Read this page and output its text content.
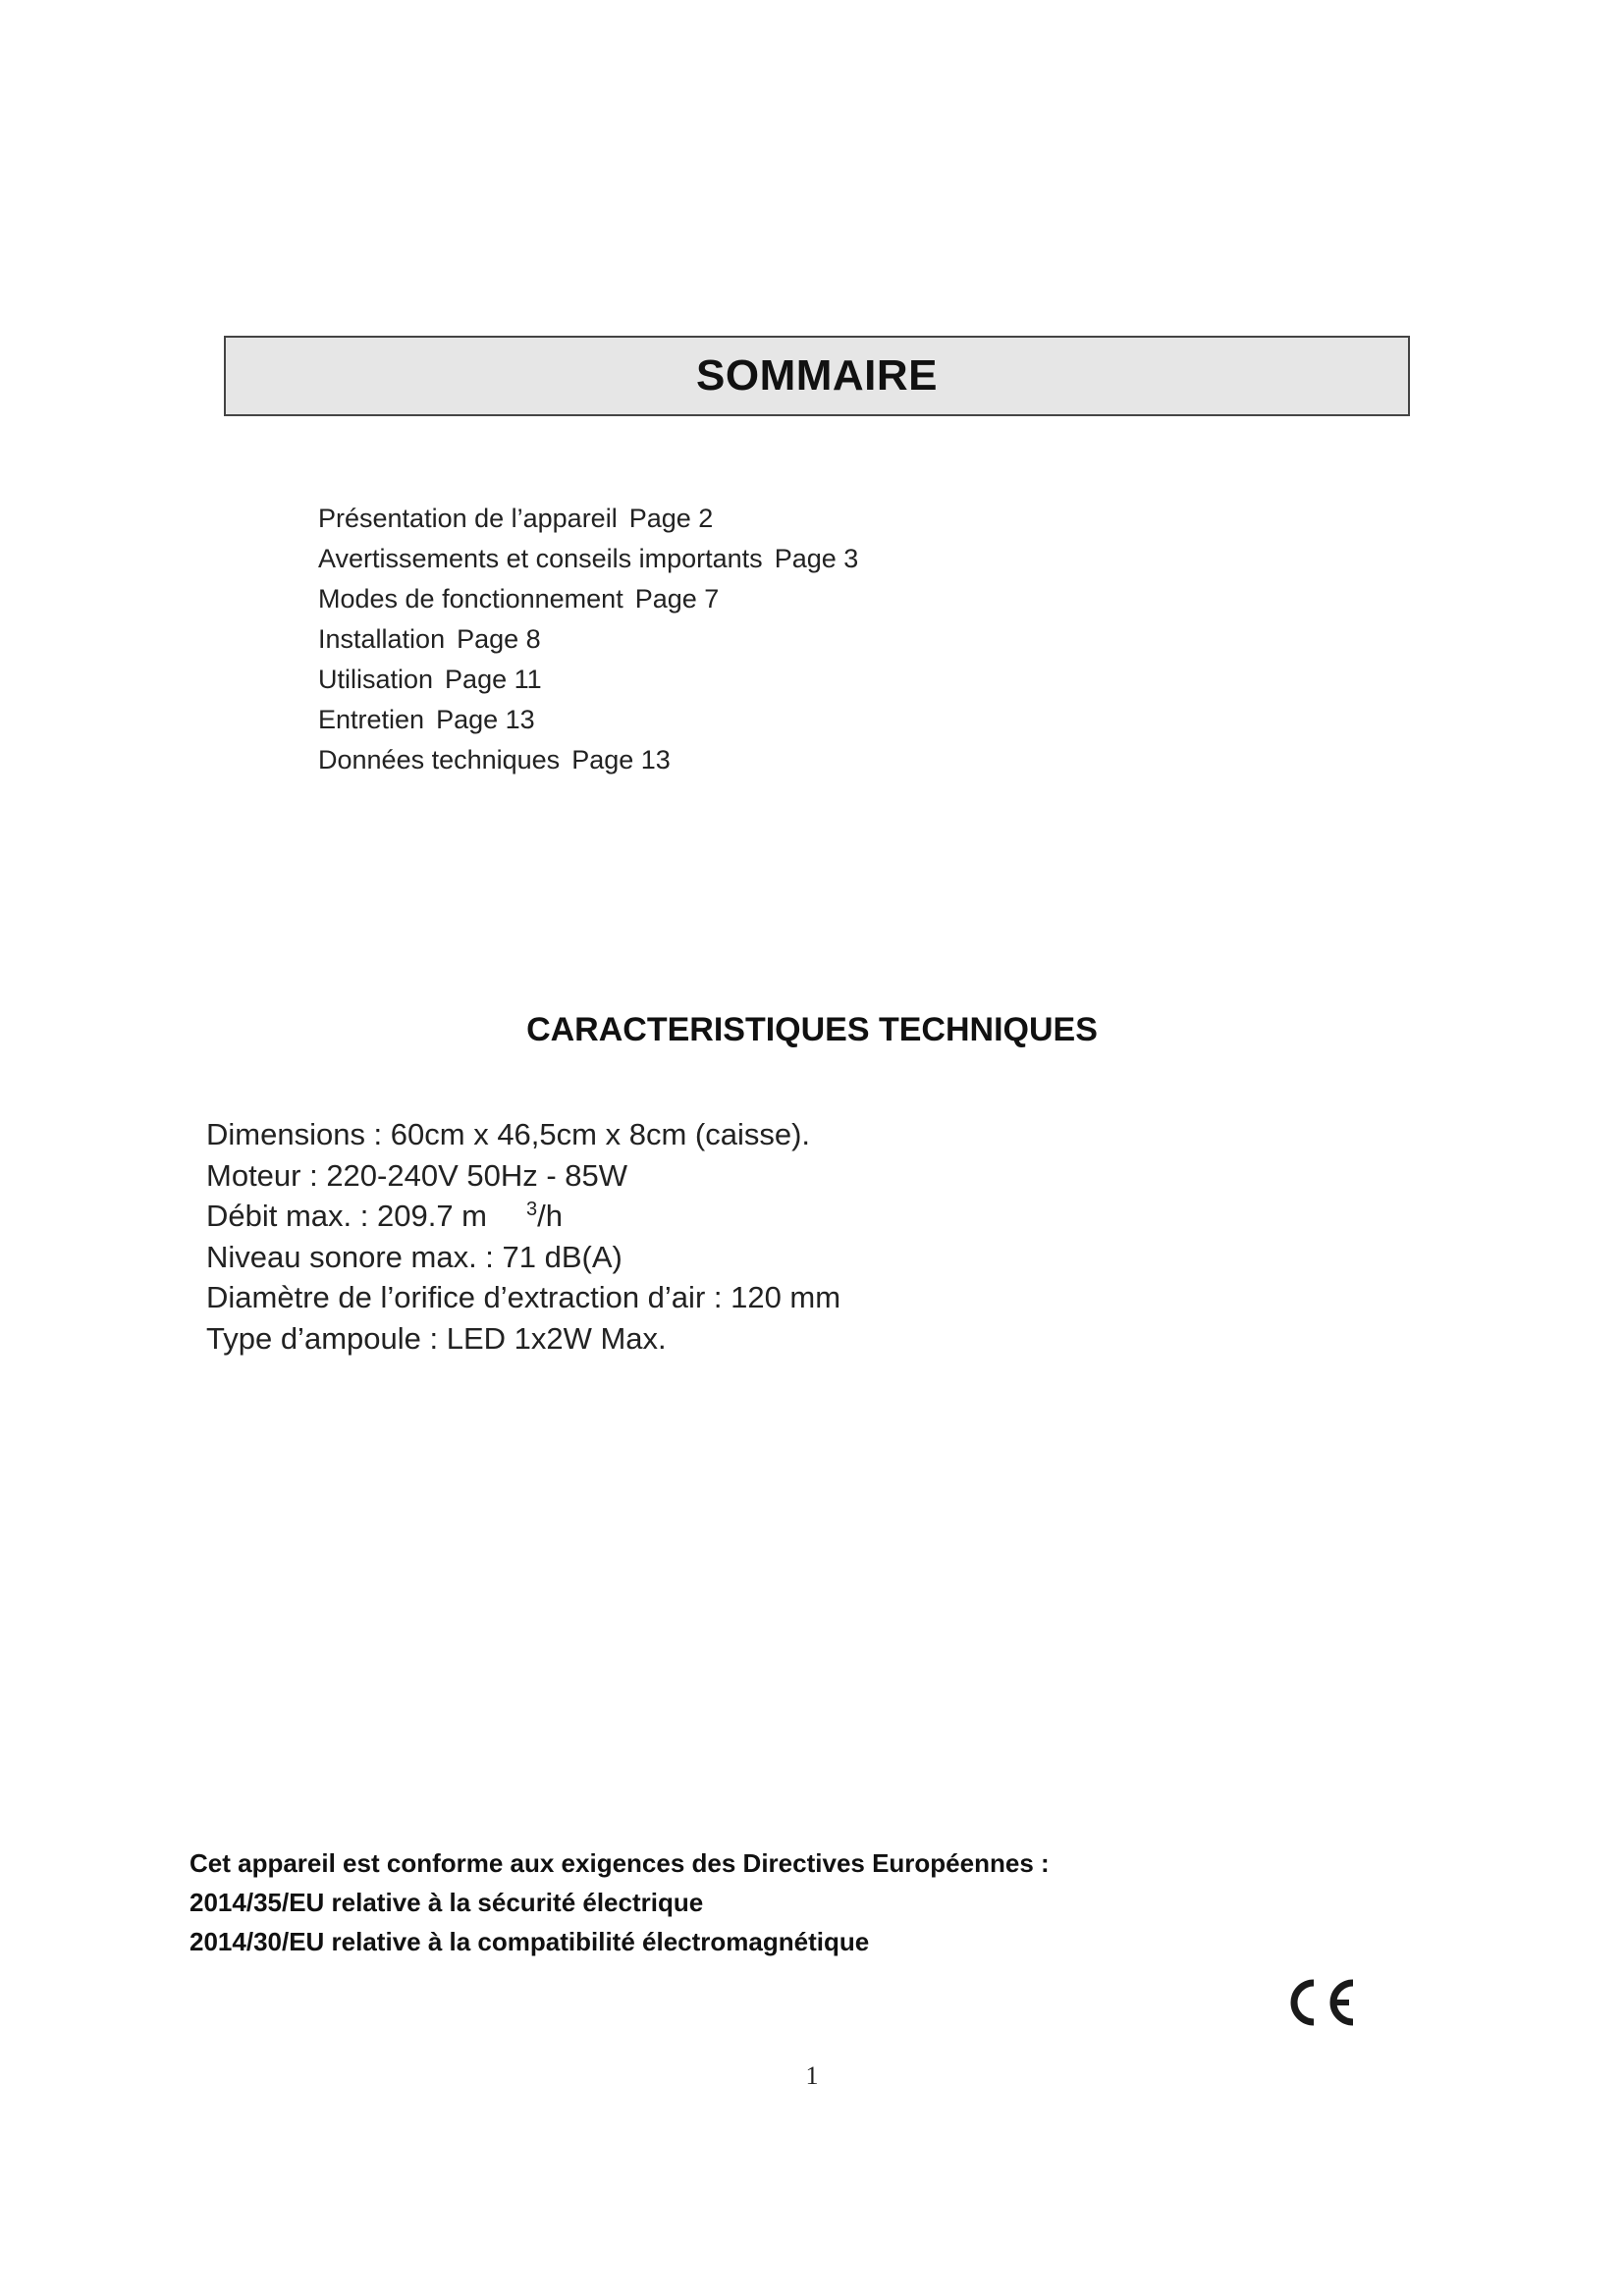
SOMMAIRE
Présentation de l’appareil Page 2
Avertissements et conseils importants Page 3
Modes de fonctionnement Page 7
Installation Page 8
Utilisation Page 11
Entretien Page 13
Données techniques Page 13
CARACTERISTIQUES TECHNIQUES
Dimensions : 60cm x 46,5cm x 8cm (caisse).
Moteur : 220-240V 50Hz - 85W
Débit max. : 209.7 m $^3$/h
Niveau sonore max. : 71 dB(A)
Diamètre de l’orifice d’extraction d’air : 120 mm
Type d’ampoule : LED 1x2W Max.
Cet appareil est conforme aux exigences des Directives Européennes :
2014/35/EU relative à la sécurité électrique
2014/30/EU relative à la compatibilité électromagnétique
1
